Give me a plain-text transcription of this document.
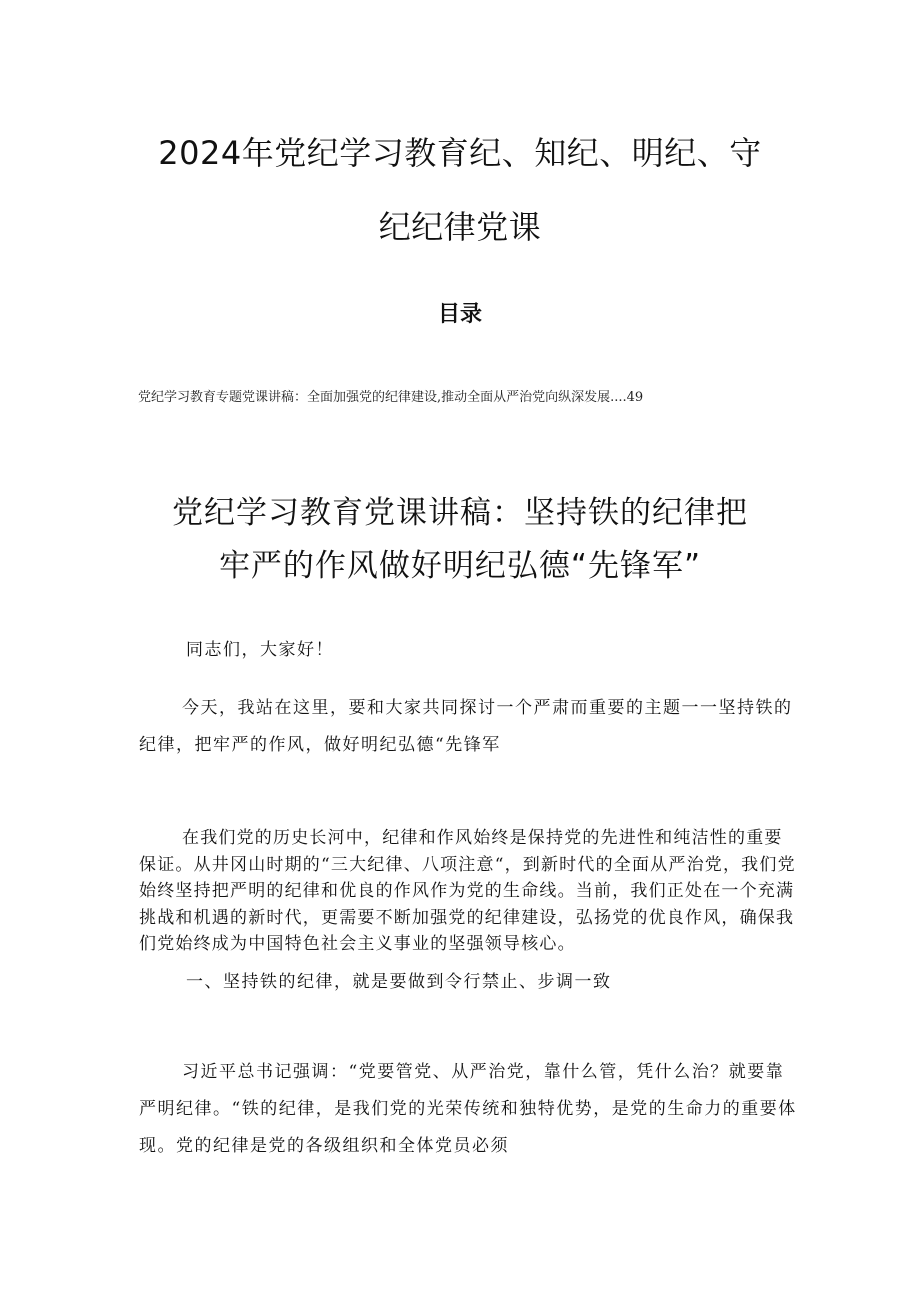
2024年党纪学习教育纪、知纪、明纪、守
纪纪律党课
目录
党纪学习教育专题党课讲稿：全面加强党的纪律建设,推动全面从严治党向纵深发展....49
党纪学习教育党课讲稿：坚持铁的纪律把
牢严的作风做好明纪弘德“先锋军”
同志们，大家好！
今天，我站在这里，要和大家共同探讨一个严肃而重要的主题一一坚持铁的纪律，把牢严的作风，做好明纪弘德“先锋军
在我们党的历史长河中，纪律和作风始终是保持党的先进性和纯洁性的重要保证。从井冈山时期的“三大纪律、八项注意“，到新时代的全面从严治党，我们党始终坚持把严明的纪律和优良的作风作为党的生命线。当前，我们正处在一个充满挑战和机遇的新时代，更需要不断加强党的纪律建设，弘扬党的优良作风，确保我们党始终成为中国特色社会主义事业的坚强领导核心。
一、坚持铁的纪律，就是要做到令行禁止、步调一致
习近平总书记强调：“党要管党、从严治党，靠什么管，凭什么治？就要靠严明纪律。“铁的纪律，是我们党的光荣传统和独特优势，是党的生命力的重要体现。党的纪律是党的各级组织和全体党员必须
